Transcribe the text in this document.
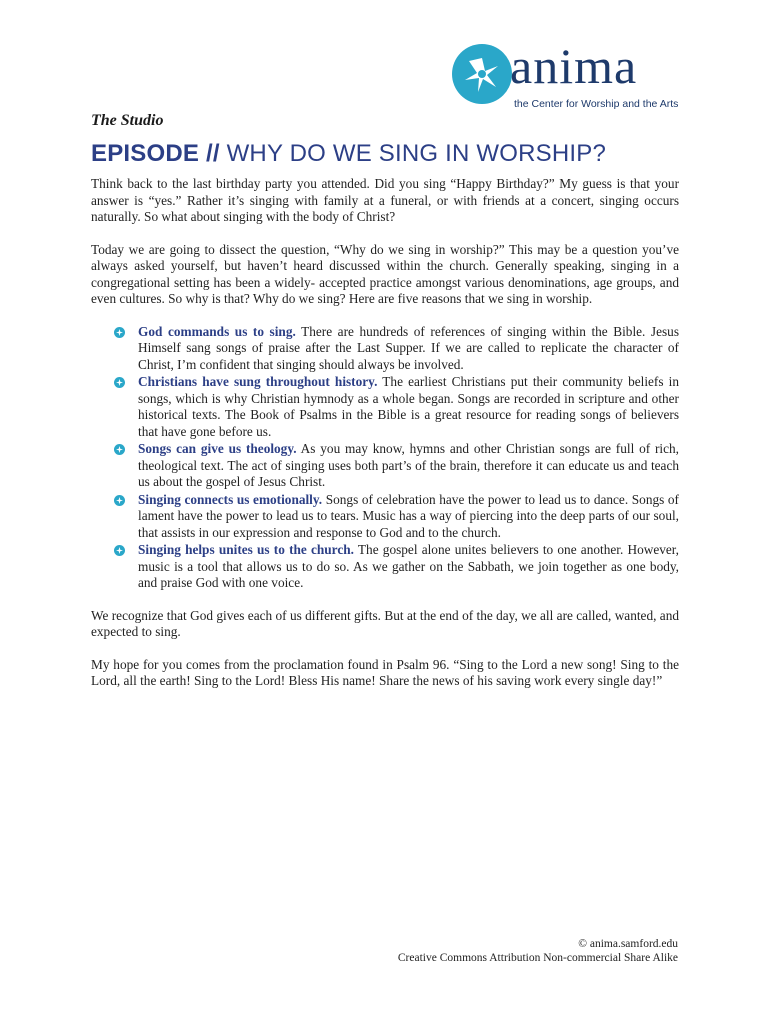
anima
the Center for Worship and the Arts
The Studio
EPISODE // WHY DO WE SING IN WORSHIP?

Think back to the last birthday party you attended. Did you sing “Happy Birthday?” My guess is that your answer is “yes.” Rather it’s singing with family at a funeral, or with friends at a concert, singing occurs naturally. So what about singing with the body of Christ?

Today we are going to dissect the question, “Why do we sing in worship?” This may be a question you’ve always asked yourself, but haven’t heard discussed within the church. Generally speaking, singing in a congregational setting has been a widely- accepted practice amongst various denominations, age groups, and even cultures. So why is that? Why do we sing? Here are five reasons that we sing in worship.

God commands us to sing. There are hundreds of references of singing within the Bible. Jesus Himself sang songs of praise after the Last Supper. If we are called to replicate the character of Christ, I’m confident that singing should always be involved.
Christians have sung throughout history. The earliest Christians put their community beliefs in songs, which is why Christian hymnody as a whole began. Songs are recorded in scripture and other historical texts. The Book of Psalms in the Bible is a great resource for reading songs of believers that have gone before us.
Songs can give us theology. As you may know, hymns and other Christian songs are full of rich, theological text. The act of singing uses both part’s of the brain, therefore it can educate us and teach us about the gospel of Jesus Christ.
Singing connects us emotionally. Songs of celebration have the power to lead us to dance. Songs of lament have the power to lead us to tears. Music has a way of piercing into the deep parts of our soul, that assists in our expression and response to God and to the church.
Singing helps unites us to the church. The gospel alone unites believers to one another. However, music is a tool that allows us to do so. As we gather on the Sabbath, we join together as one body, and praise God with one voice.

We recognize that God gives each of us different gifts. But at the end of the day, we all are called, wanted, and expected to sing.

My hope for you comes from the proclamation found in Psalm 96. “Sing to the Lord a new song! Sing to the Lord, all the earth! Sing to the Lord! Bless His name! Share the news of his saving work every single day!”

© anima.samford.edu
Creative Commons Attribution Non-commercial Share Alike
